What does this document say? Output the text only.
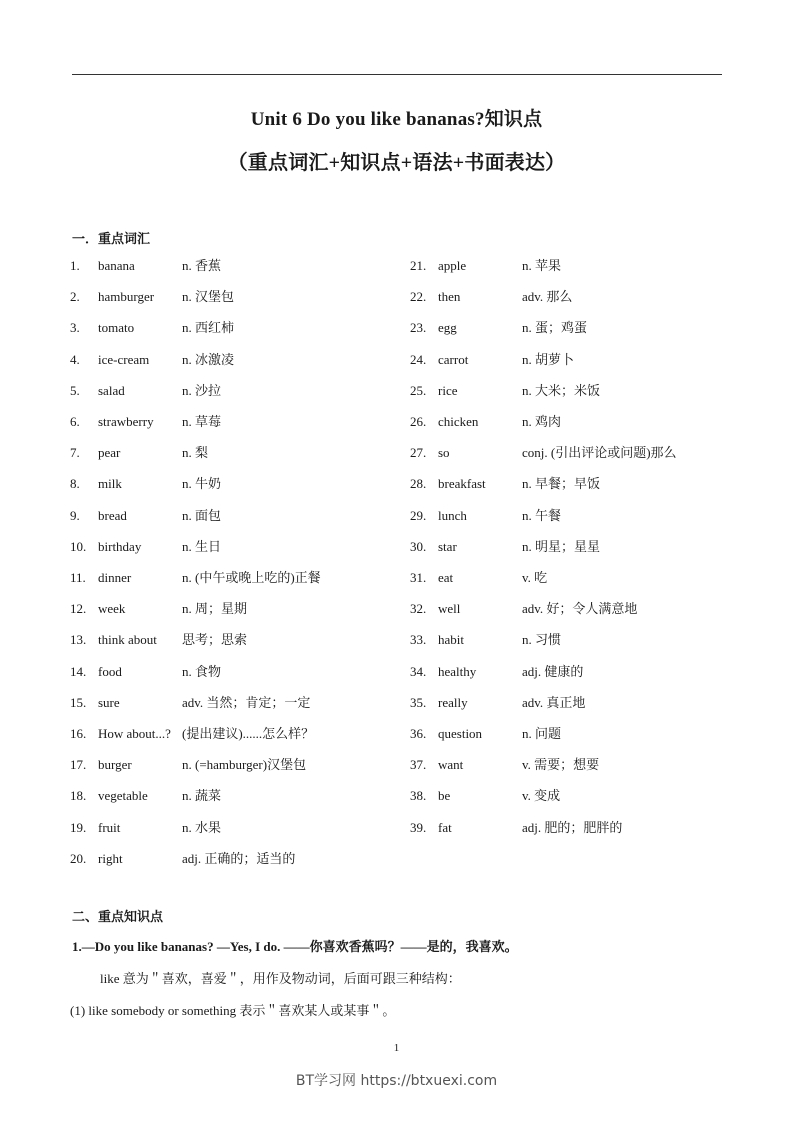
Unit 6 Do you like bananas?知识点
（重点词汇+知识点+语法+书面表达）
一．重点词汇
1. banana	n. 香蕉
2. hamburger n. 汉堡包
3. tomato	n. 西红柿
4. ice-cream	n. 冰激凌
5. salad	n. 沙拉
6. strawberry n. 草莓
7. pear	n. 梨
8. milk	n. 牛奶
9. bread	n. 面包
10. birthday	n. 生日
11. dinner	n. (中午或晚上吃的)正餐
12. week	n. 周；星期
13. think about 思考；思索
14. food	n. 食物
15. sure	adv. 当然；肯定；一定
16. How about...? (提出建议)......怎么样？
17. burger	n. (=hamburger)汉堡包
18. vegetable	n. 蔬菜
19. fruit	n. 水果
20. right	adj. 正确的；适当的
21. apple	n. 苹果
22. then	adv. 那么
23. egg	n. 蛋；鸡蛋
24. carrot	n. 胡萝卜
25. rice	n. 大米；米饭
26. chicken	n. 鸡肉
27. so	conj. (引出评论或问题)那么
28. breakfast	n. 早餐；早饭
29. lunch	n. 午餐
30. star	n. 明星；星星
31. eat	v. 吃
32. well	adv. 好；令人满意地
33. habit	n. 习惯
34. healthy	adj. 健康的
35. really	adv. 真正地
36. question	n. 问题
37. want	v. 需要；想要
38. be	v. 变成
39. fat	adj. 肥的；肥胖的
二、重点知识点
1.—Do you like bananas? —Yes, I do. ——你喜欢香蕉吗？——是的，我喜欢。
like 意为＂喜欢，喜爱＂，用作及物动词，后面可跟三种结构：
(1) like somebody or something 表示＂喜欢某人或某事＂。
1
BT学习网 https://btxuexi.com
